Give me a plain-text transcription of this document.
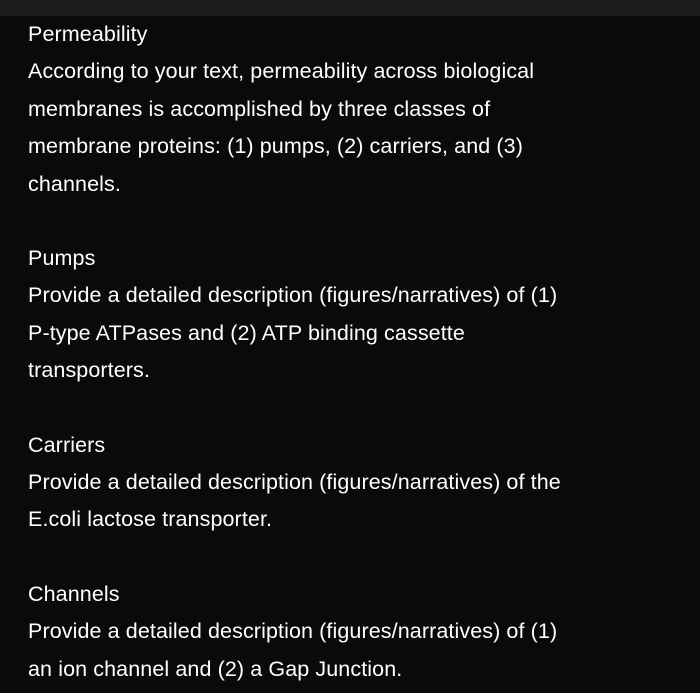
Permeability

According to your text, permeability across biological

membranes is accomplished by three classes of

membrane proteins: (1) pumps, (2) carriers, and (3)

channels.

Pumps

Provide a detailed description (figures/narratives) of (1)

P-type ATPases and (2) ATP binding cassette

transporters.

Carriers

Provide a detailed description (figures/narratives) of the

E.coli lactose transporter.

Channels

Provide a detailed description (figures/narratives) of (1)

an ion channel and (2) a Gap Junction.
